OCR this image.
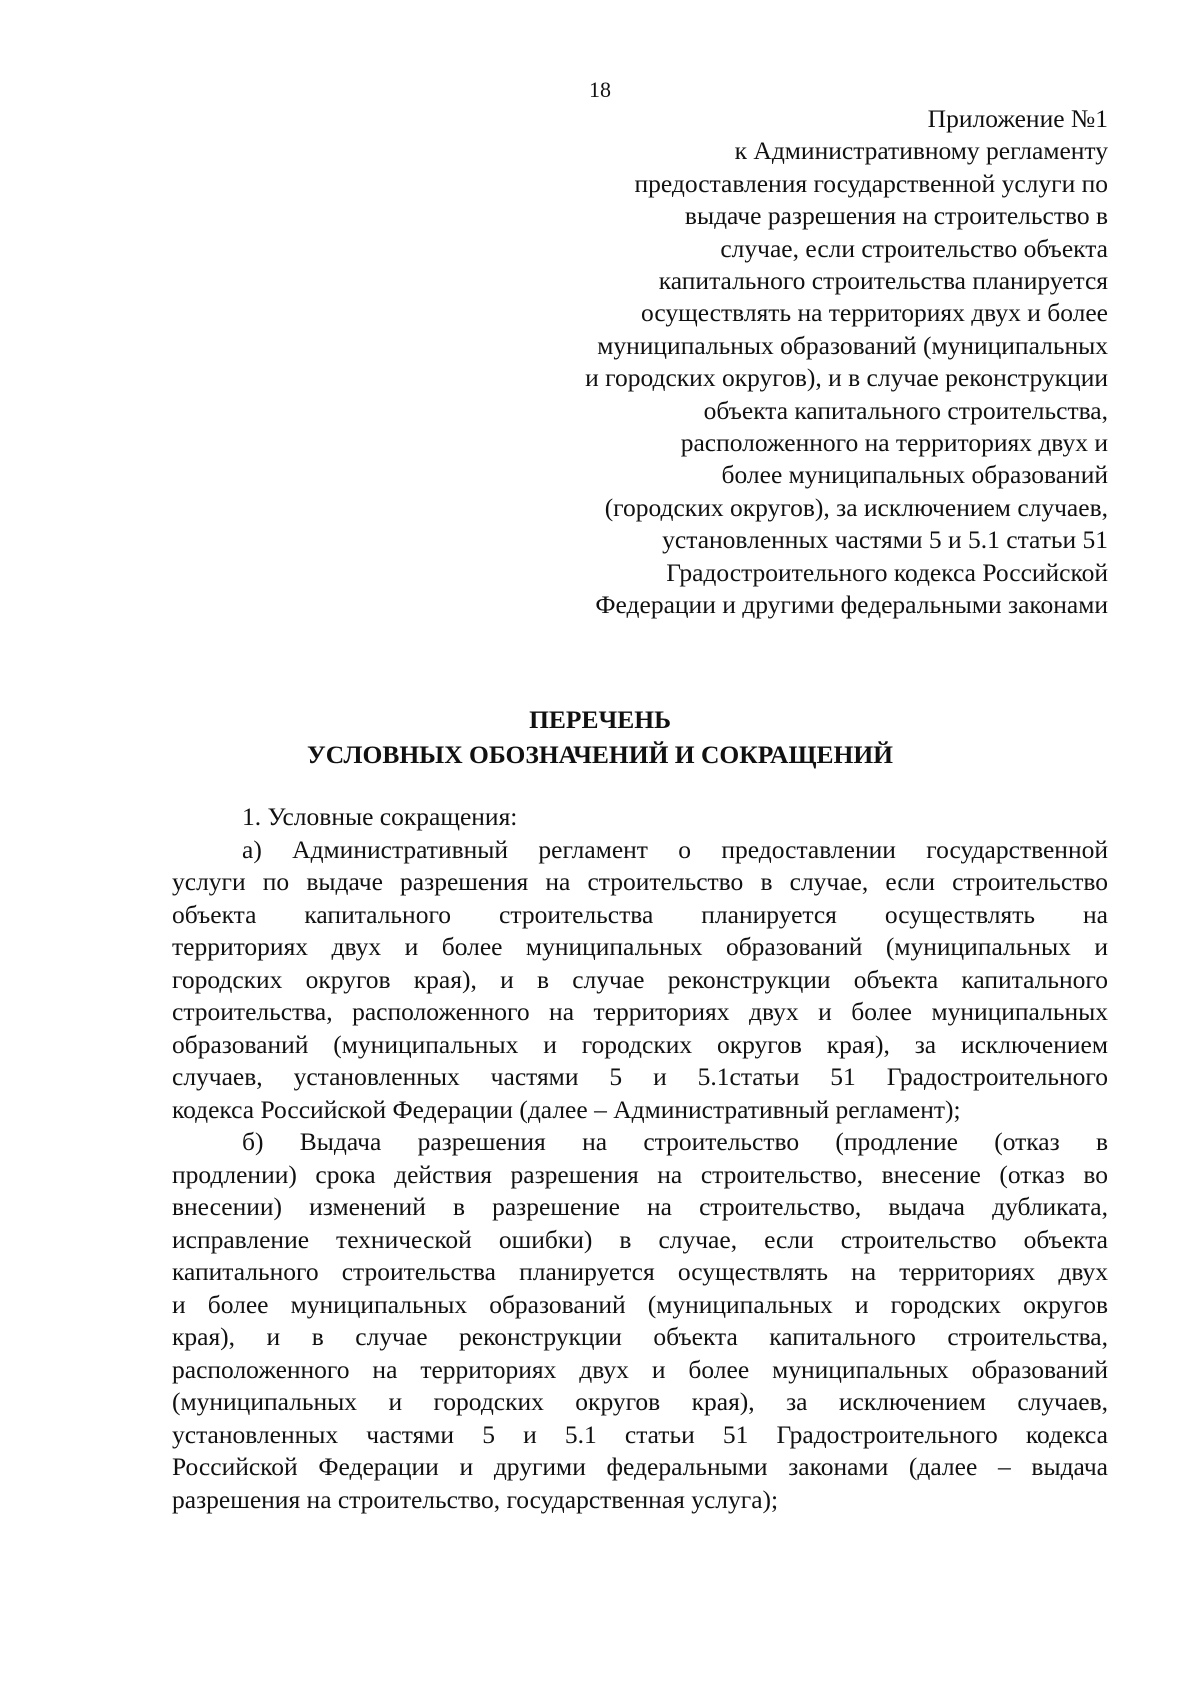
18
Приложение №1
к Административному регламенту
предоставления государственной услуги по
выдаче разрешения на строительство в
случае, если строительство объекта
капитального строительства планируется
осуществлять на территориях двух и более
муниципальных образований (муниципальных
и городских округов), и в случае реконструкции
объекта капитального строительства,
расположенного на территориях двух и
более муниципальных образований
(городских округов), за исключением случаев,
установленных частями 5 и 5.1 статьи 51
Градостроительного кодекса Российской
Федерации и другими федеральными законами
ПЕРЕЧЕНЬ
УСЛОВНЫХ ОБОЗНАЧЕНИЙ И СОКРАЩЕНИЙ
1. Условные сокращения:
а) Административный регламент о предоставлении государственной
услуги по выдаче разрешения на строительство в случае, если строительство
объекта капитального строительства планируется осуществлять на
территориях двух и более муниципальных образований (муниципальных и
городских округов края), и в случае реконструкции объекта капитального
строительства, расположенного на территориях двух и более муниципальных
образований (муниципальных и городских округов края), за исключением
случаев, установленных частями 5 и 5.1статьи 51 Градостроительного
кодекса Российской Федерации (далее – Административный регламент);
б) Выдача разрешения на строительство (продление (отказ в
продлении) срока действия разрешения на строительство, внесение (отказ во
внесении) изменений в разрешение на строительство, выдача дубликата,
исправление технической ошибки) в случае, если строительство объекта
капитального строительства планируется осуществлять на территориях двух
и более муниципальных образований (муниципальных и городских округов
края), и в случае реконструкции объекта капитального строительства,
расположенного на территориях двух и более муниципальных образований
(муниципальных и городских округов края), за исключением случаев,
установленных частями 5 и 5.1 статьи 51 Градостроительного кодекса
Российской Федерации и другими федеральными законами (далее – выдача
разрешения на строительство, государственная услуга);
